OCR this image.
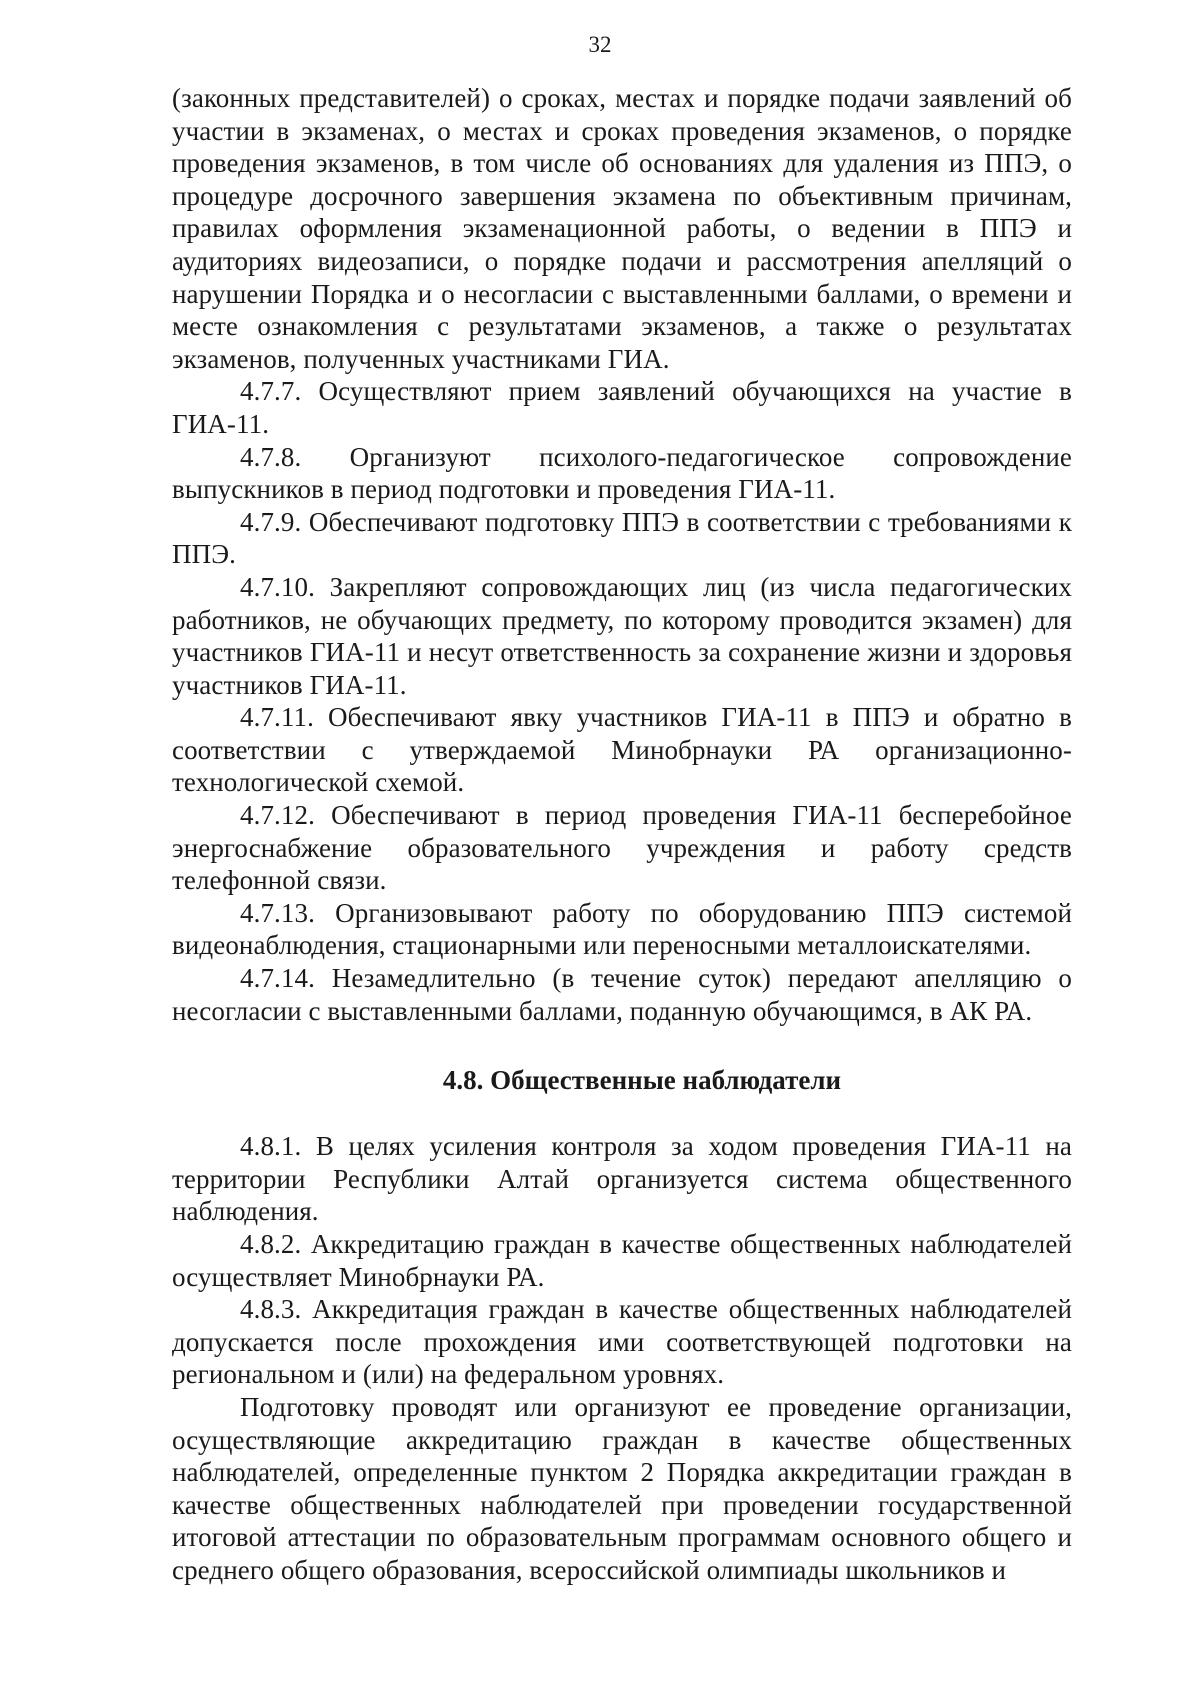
32

(законных представителей) о сроках, местах и порядке подачи заявлений об участии в экзаменах, о местах и сроках проведения экзаменов, о порядке проведения экзаменов, в том числе об основаниях для удаления из ППЭ, о процедуре досрочного завершения экзамена по объективным причинам, правилах оформления экзаменационной работы, о ведении в ППЭ и аудиториях видеозаписи, о порядке подачи и рассмотрения апелляций о нарушении Порядка и о несогласии с выставленными баллами, о времени и месте ознакомления с результатами экзаменов, а также о результатах экзаменов, полученных участниками ГИА.

4.7.7. Осуществляют прием заявлений обучающихся на участие в ГИА-11.

4.7.8. Организуют психолого-педагогическое сопровождение выпускников в период подготовки и проведения ГИА-11.

4.7.9. Обеспечивают подготовку ППЭ в соответствии с требованиями к ППЭ.

4.7.10. Закрепляют сопровождающих лиц (из числа педагогических работников, не обучающих предмету, по которому проводится экзамен) для участников ГИА-11 и несут ответственность за сохранение жизни и здоровья участников ГИА-11.

4.7.11. Обеспечивают явку участников ГИА-11 в ППЭ и обратно в соответствии с утверждаемой Минобрнауки РА организационно-технологической схемой.

4.7.12. Обеспечивают в период проведения ГИА-11 бесперебойное энергоснабжение образовательного учреждения и работу средств телефонной связи.

4.7.13. Организовывают работу по оборудованию ППЭ системой видеонаблюдения, стационарными или переносными металлоискателями.

4.7.14. Незамедлительно (в течение суток) передают апелляцию о несогласии с выставленными баллами, поданную обучающимся, в АК РА.

4.8. Общественные наблюдатели

4.8.1. В целях усиления контроля за ходом проведения ГИА-11 на территории Республики Алтай организуется система общественного наблюдения.

4.8.2. Аккредитацию граждан в качестве общественных наблюдателей осуществляет Минобрнауки РА.

4.8.3. Аккредитация граждан в качестве общественных наблюдателей допускается после прохождения ими соответствующей подготовки на региональном и (или) на федеральном уровнях.

Подготовку проводят или организуют ее проведение организации, осуществляющие аккредитацию граждан в качестве общественных наблюдателей, определенные пунктом 2 Порядка аккредитации граждан в качестве общественных наблюдателей при проведении государственной итоговой аттестации по образовательным программам основного общего и среднего общего образования, всероссийской олимпиады школьников и
